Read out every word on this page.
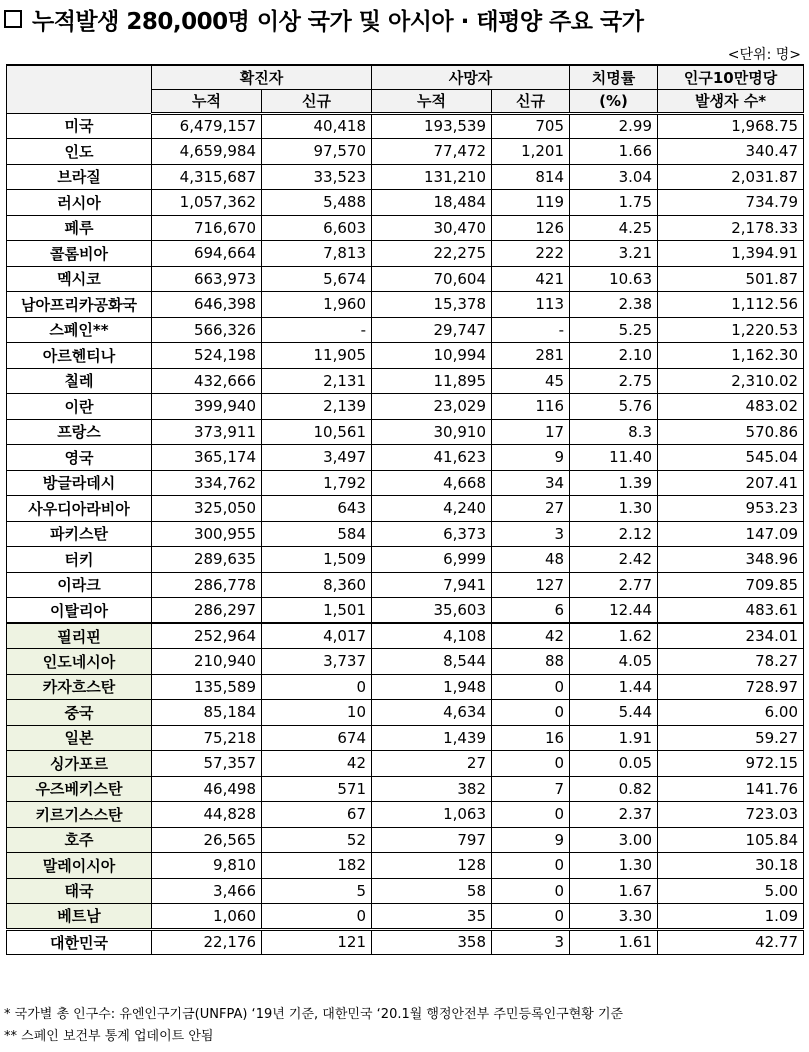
누적발생 280,000명 이상 국가 및 아시아 · 태평양 주요 국가
<단위: 명>
	확진자		사망자		치명률	인구10만명당
	누적	신규	누적	신규	(%)	발생자 수*
미국	6,479,157	40,418	193,539	705	2.99	1,968.75
인도	4,659,984	97,570	77,472	1,201	1.66	340.47
브라질	4,315,687	33,523	131,210	814	3.04	2,031.87
러시아	1,057,362	5,488	18,484	119	1.75	734.79
페루	716,670	6,603	30,470	126	4.25	2,178.33
콜롬비아	694,664	7,813	22,275	222	3.21	1,394.91
멕시코	663,973	5,674	70,604	421	10.63	501.87
남아프리카공화국	646,398	1,960	15,378	113	2.38	1,112.56
스페인**	566,326	-	29,747	-	5.25	1,220.53
아르헨티나	524,198	11,905	10,994	281	2.10	1,162.30
칠레	432,666	2,131	11,895	45	2.75	2,310.02
이란	399,940	2,139	23,029	116	5.76	483.02
프랑스	373,911	10,561	30,910	17	8.3	570.86
영국	365,174	3,497	41,623	9	11.40	545.04
방글라데시	334,762	1,792	4,668	34	1.39	207.41
사우디아라비아	325,050	643	4,240	27	1.30	953.23
파키스탄	300,955	584	6,373	3	2.12	147.09
터키	289,635	1,509	6,999	48	2.42	348.96
이라크	286,778	8,360	7,941	127	2.77	709.85
이탈리아	286,297	1,501	35,603	6	12.44	483.61
필리핀	252,964	4,017	4,108	42	1.62	234.01
인도네시아	210,940	3,737	8,544	88	4.05	78.27
카자흐스탄	135,589	0	1,948	0	1.44	728.97
중국	85,184	10	4,634	0	5.44	6.00
일본	75,218	674	1,439	16	1.91	59.27
싱가포르	57,357	42	27	0	0.05	972.15
우즈베키스탄	46,498	571	382	7	0.82	141.76
키르기스스탄	44,828	67	1,063	0	2.37	723.03
호주	26,565	52	797	9	3.00	105.84
말레이시아	9,810	182	128	0	1.30	30.18
태국	3,466	5	58	0	1.67	5.00
베트남	1,060	0	35	0	3.30	1.09
대한민국	22,176	121	358	3	1.61	42.77
* 국가별 총 인구수: 유엔인구기금(UNFPA) ‘19년 기준, 대한민국 ‘20.1월 행정안전부 주민등록인구현황 기준
** 스페인 보건부 통계 업데이트 안됨
